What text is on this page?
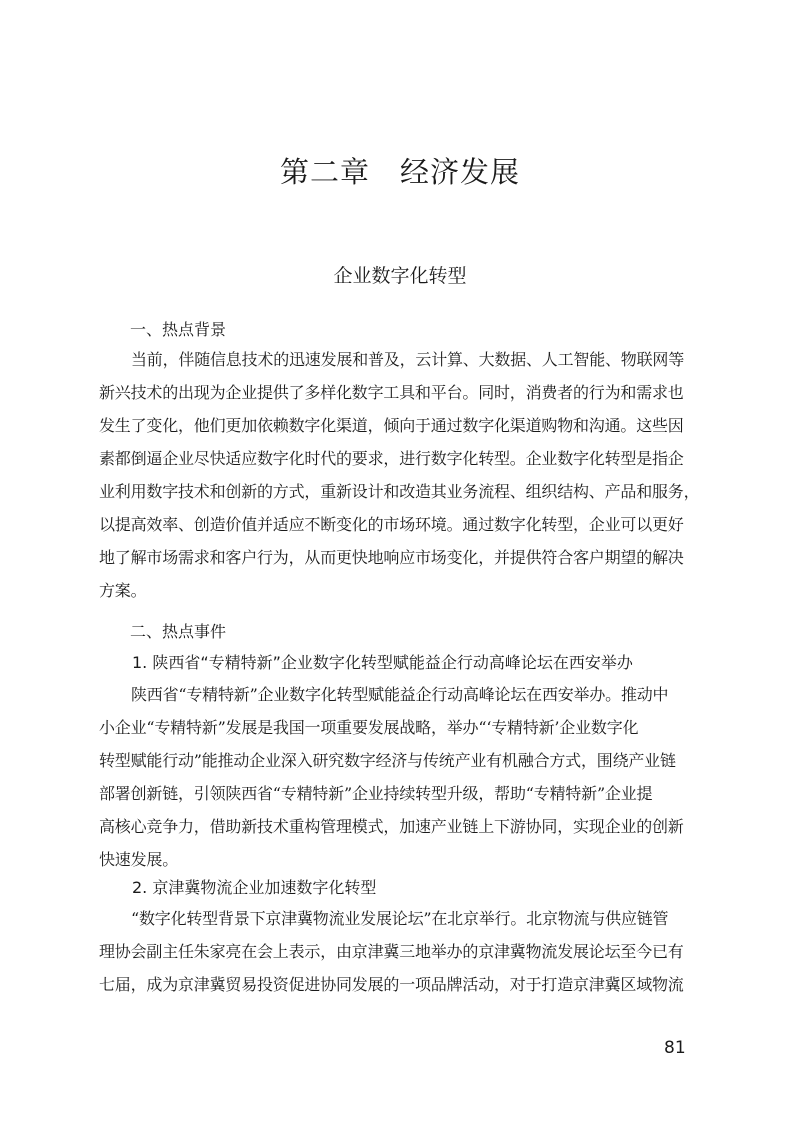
第二章　经济发展
企业数字化转型
一、热点背景
当前，伴随信息技术的迅速发展和普及，云计算、大数据、人工智能、物联网等
新兴技术的出现为企业提供了多样化数字工具和平台。同时，消费者的行为和需求也
发生了变化，他们更加依赖数字化渠道，倾向于通过数字化渠道购物和沟通。这些因
素都倒逼企业尽快适应数字化时代的要求，进行数字化转型。企业数字化转型是指企
业利用数字技术和创新的方式，重新设计和改造其业务流程、组织结构、产品和服务，
以提高效率、创造价值并适应不断变化的市场环境。通过数字化转型，企业可以更好
地了解市场需求和客户行为，从而更快地响应市场变化，并提供符合客户期望的解决
方案。
二、热点事件
1. 陕西省“专精特新”企业数字化转型赋能益企行动高峰论坛在西安举办
陕西省“专精特新”企业数字化转型赋能益企行动高峰论坛在西安举办。推动中
小企业“专精特新”发展是我国一项重要发展战略，举办“‘专精特新’企业数字化
转型赋能行动”能推动企业深入研究数字经济与传统产业有机融合方式，围绕产业链
部署创新链，引领陕西省“专精特新”企业持续转型升级，帮助“专精特新”企业提
高核心竞争力，借助新技术重构管理模式，加速产业链上下游协同，实现企业的创新
快速发展。
2. 京津冀物流企业加速数字化转型
“数字化转型背景下京津冀物流业发展论坛”在北京举行。北京物流与供应链管
理协会副主任朱家亮在会上表示，由京津冀三地举办的京津冀物流发展论坛至今已有
七届，成为京津冀贸易投资促进协同发展的一项品牌活动，对于打造京津冀区域物流
81
